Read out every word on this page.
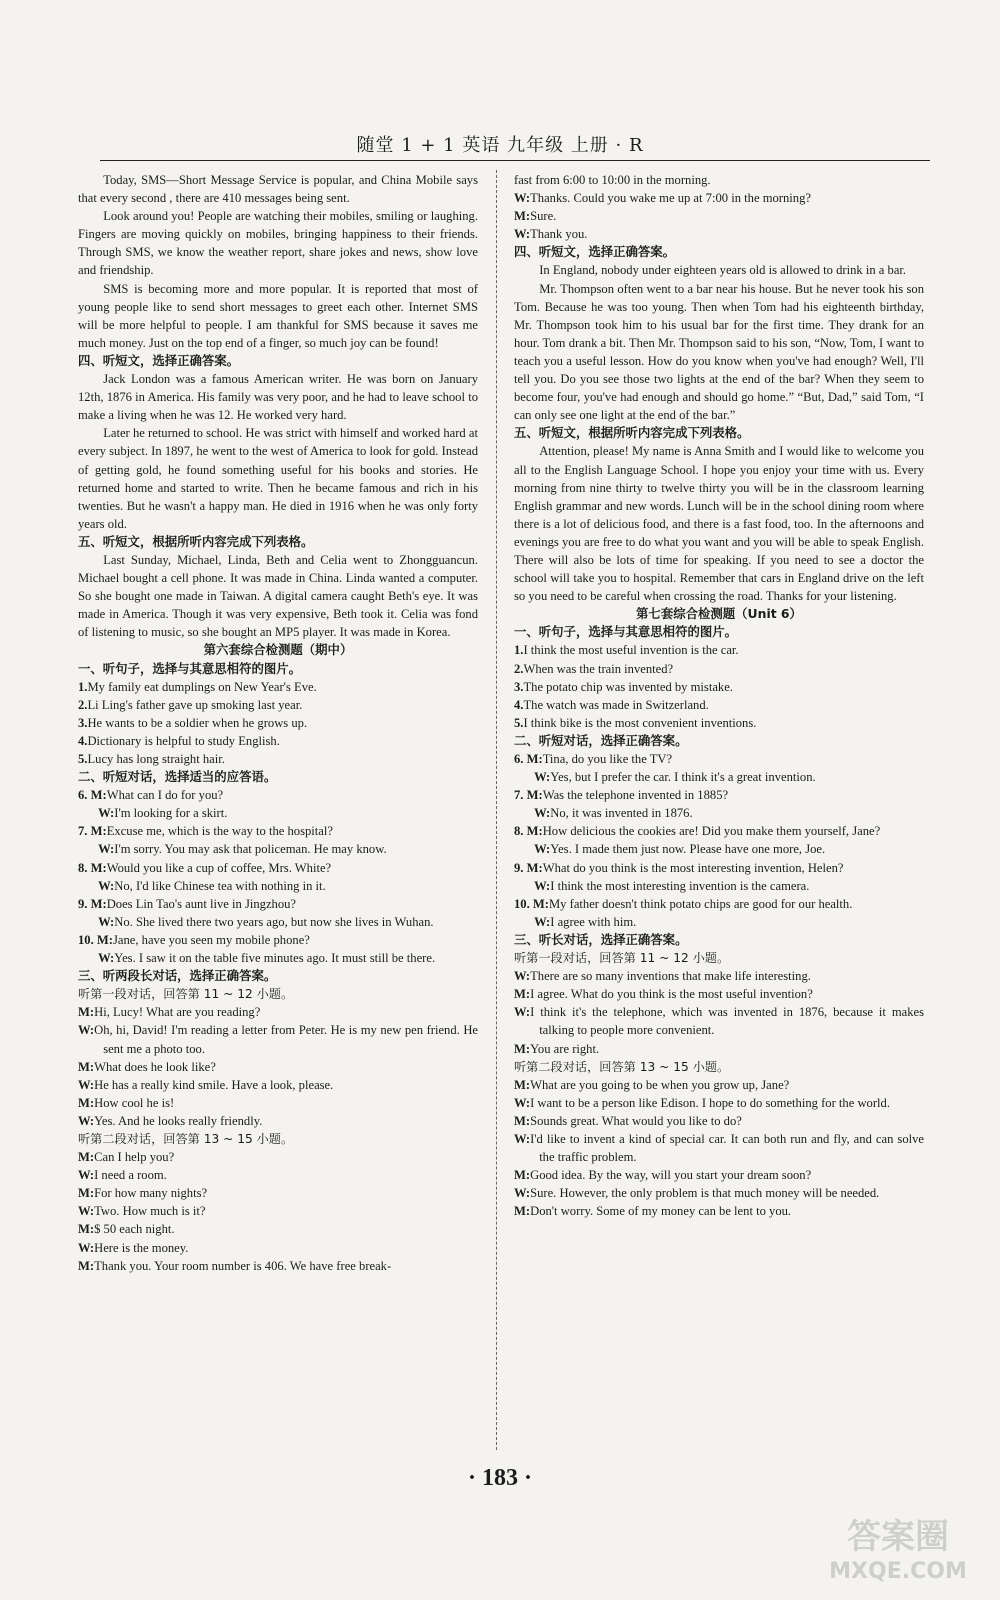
随堂 1 + 1 英语 九年级 上册 · R

Today, SMS—Short Message Service is popular, and China Mobile says that every second , there are 410 messages being sent.

Look around you! People are watching their mobiles, smiling or laughing. Fingers are moving quickly on mobiles, bringing happiness to their friends. Through SMS, we know the weather report, share jokes and news, show love and friendship.

SMS is becoming more and more popular. It is reported that most of young people like to send short messages to greet each other. Internet SMS will be more helpful to people. I am thankful for SMS because it saves me much money. Just on the top end of a finger, so much joy can be found!

四、听短文，选择正确答案。

Jack London was a famous American writer. He was born on January 12th, 1876 in America. His family was very poor, and he had to leave school to make a living when he was 12. He worked very hard.

Later he returned to school. He was strict with himself and worked hard at every subject. In 1897, he went to the west of America to look for gold. Instead of getting gold, he found something useful for his books and stories. He returned home and started to write. Then he became famous and rich in his twenties. But he wasn't a happy man. He died in 1916 when he was only forty years old.

五、听短文，根据所听内容完成下列表格。

Last Sunday, Michael, Linda, Beth and Celia went to Zhongguancun. Michael bought a cell phone. It was made in China. Linda wanted a computer. So she bought one made in Taiwan. A digital camera caught Beth's eye. It was made in America. Though it was very expensive, Beth took it. Celia was fond of listening to music, so she bought an MP5 player. It was made in Korea.

第六套综合检测题（期中）

一、听句子，选择与其意思相符的图片。

1.My family eat dumplings on New Year's Eve.

2.Li Ling's father gave up smoking last year.

3.He wants to be a soldier when he grows up.

4.Dictionary is helpful to study English.

5.Lucy has long straight hair.

二、听短对话，选择适当的应答语。

6. M:What can I do for you?

W:I'm looking for a skirt.

7. M:Excuse me, which is the way to the hospital?

W:I'm sorry. You may ask that policeman. He may know.

8. M:Would you like a cup of coffee, Mrs. White?

W:No, I'd like Chinese tea with nothing in it.

9. M:Does Lin Tao's aunt live in Jingzhou?

W:No. She lived there two years ago, but now she lives in Wuhan.

10. M:Jane, have you seen my mobile phone?

W:Yes. I saw it on the table five minutes ago. It must still be there.

三、听两段长对话，选择正确答案。

听第一段对话，回答第 11 ~ 12 小题。

M:Hi, Lucy! What are you reading?

W:Oh, hi, David! I'm reading a letter from Peter. He is my new pen friend. He sent me a photo too.

M:What does he look like?

W:He has a really kind smile. Have a look, please.

M:How cool he is!

W:Yes. And he looks really friendly.

听第二段对话，回答第 13 ~ 15 小题。

M:Can I help you?

W:I need a room.

M:For how many nights?

W:Two. How much is it?

M:$ 50 each night.

W:Here is the money.

M:Thank you. Your room number is 406. We have free break-

fast from 6:00 to 10:00 in the morning.

W:Thanks. Could you wake me up at 7:00 in the morning?

M:Sure.

W:Thank you.

四、听短文，选择正确答案。

In England, nobody under eighteen years old is allowed to drink in a bar.

Mr. Thompson often went to a bar near his house. But he never took his son Tom. Because he was too young. Then when Tom had his eighteenth birthday, Mr. Thompson took him to his usual bar for the first time. They drank for an hour. Tom drank a bit. Then Mr. Thompson said to his son, “Now, Tom, I want to teach you a useful lesson. How do you know when you've had enough? Well, I'll tell you. Do you see those two lights at the end of the bar? When they seem to become four, you've had enough and should go home.” “But, Dad,” said Tom, “I can only see one light at the end of the bar.”

五、听短文，根据所听内容完成下列表格。

Attention, please! My name is Anna Smith and I would like to welcome you all to the English Language School. I hope you enjoy your time with us. Every morning from nine thirty to twelve thirty you will be in the classroom learning English grammar and new words. Lunch will be in the school dining room where there is a lot of delicious food, and there is a fast food, too. In the afternoons and evenings you are free to do what you want and you will be able to speak English. There will also be lots of time for speaking. If you need to see a doctor the school will take you to hospital. Remember that cars in England drive on the left so you need to be careful when crossing the road. Thanks for your listening.

第七套综合检测题（Unit 6）

一、听句子，选择与其意思相符的图片。

1.I think the most useful invention is the car.

2.When was the train invented?

3.The potato chip was invented by mistake.

4.The watch was made in Switzerland.

5.I think bike is the most convenient inventions.

二、听短对话，选择正确答案。

6. M:Tina, do you like the TV?

W:Yes, but I prefer the car. I think it's a great invention.

7. M:Was the telephone invented in 1885?

W:No, it was invented in 1876.

8. M:How delicious the cookies are! Did you make them yourself, Jane?

W:Yes. I made them just now. Please have one more, Joe.

9. M:What do you think is the most interesting invention, Helen?

W:I think the most interesting invention is the camera.

10. M:My father doesn't think potato chips are good for our health.

W:I agree with him.

三、听长对话，选择正确答案。

听第一段对话，回答第 11 ~ 12 小题。

W:There are so many inventions that make life interesting.

M:I agree. What do you think is the most useful invention?

W:I think it's the telephone, which was invented in 1876, because it makes talking to people more convenient.

M:You are right.

听第二段对话，回答第 13 ~ 15 小题。

M:What are you going to be when you grow up, Jane?

W:I want to be a person like Edison. I hope to do something for the world.

M:Sounds great. What would you like to do?

W:I'd like to invent a kind of special car. It can both run and fly, and can solve the traffic problem.

M:Good idea. By the way, will you start your dream soon?

W:Sure. However, the only problem is that much money will be needed.

M:Don't worry. Some of my money can be lent to you.

· 183 ·
答案圈
MXQE.COM
